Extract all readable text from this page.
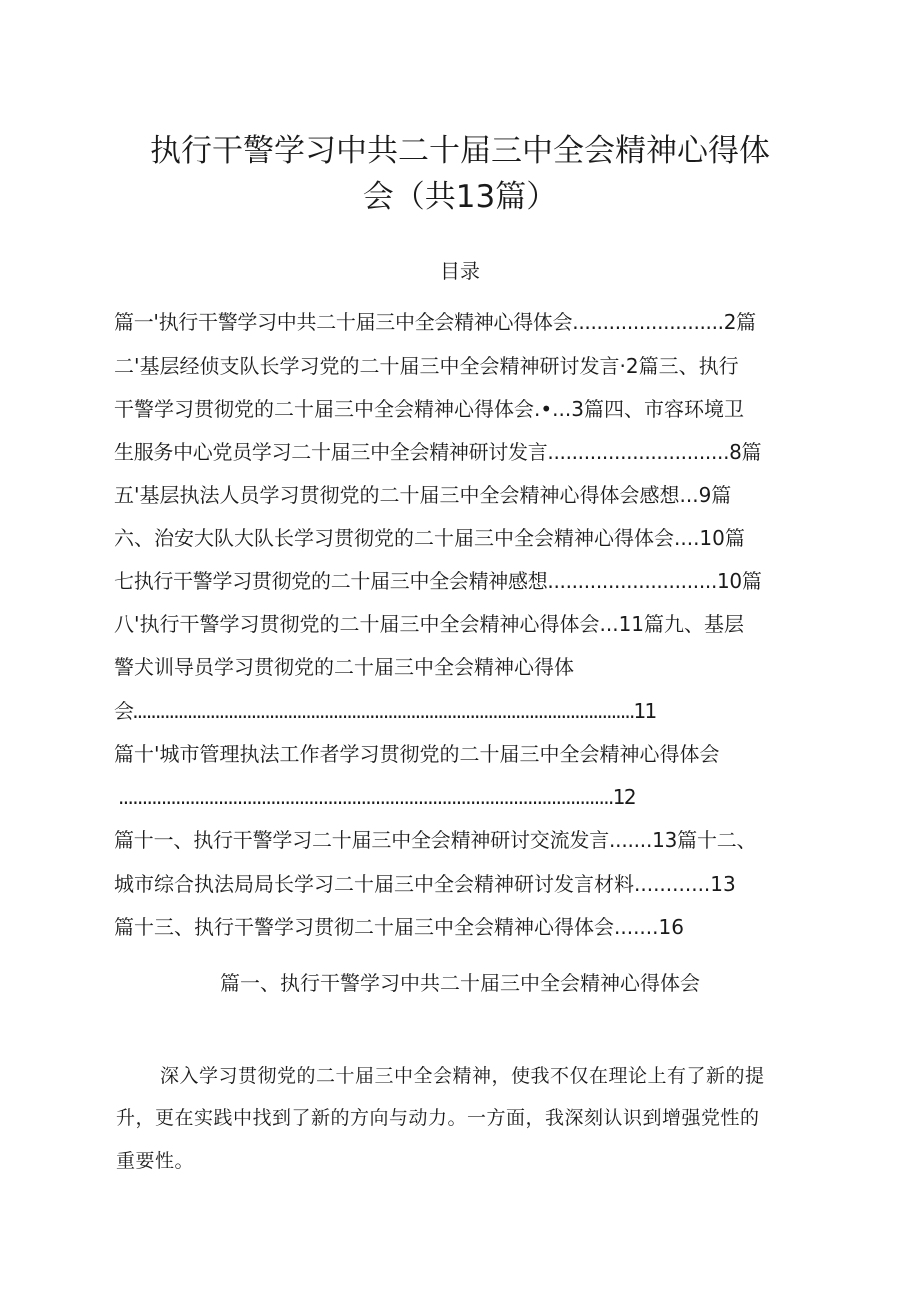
执行干警学习中共二十届三中全会精神心得体
会（共13篇）
目录
篇一'执行干警学习中共二十届三中全会精神心得体会.........................2篇
二'基层经侦支队长学习党的二十届三中全会精神研讨发言·2篇三、执行
干警学习贯彻党的二十届三中全会精神心得体会.•...3篇四、市容环境卫
生服务中心党员学习二十届三中全会精神研讨发言..............................8篇
五'基层执法人员学习贯彻党的二十届三中全会精神心得体会感想...9篇
六、治安大队大队长学习贯彻党的二十届三中全会精神心得体会....10篇
七执行干警学习贯彻党的二十届三中全会精神感想............................10篇
八'执行干警学习贯彻党的二十届三中全会精神心得体会...11篇九、基层
警犬训导员学习贯彻党的二十届三中全会精神心得体
会..............................................................................................................11
篇十'城市管理执法工作者学习贯彻党的二十届三中全会精神心得体会
........................................................................................................12
篇十一、执行干警学习二十届三中全会精神研讨交流发言.......13篇十二、
城市综合执法局局长学习二十届三中全会精神研讨发言材料............13
篇十三、执行干警学习贯彻二十届三中全会精神心得体会.......16
篇一、执行干警学习中共二十届三中全会精神心得体会
深入学习贯彻党的二十届三中全会精神，使我不仅在理论上有了新的提
升，更在实践中找到了新的方向与动力。一方面，我深刻认识到增强党性的
重要性。
